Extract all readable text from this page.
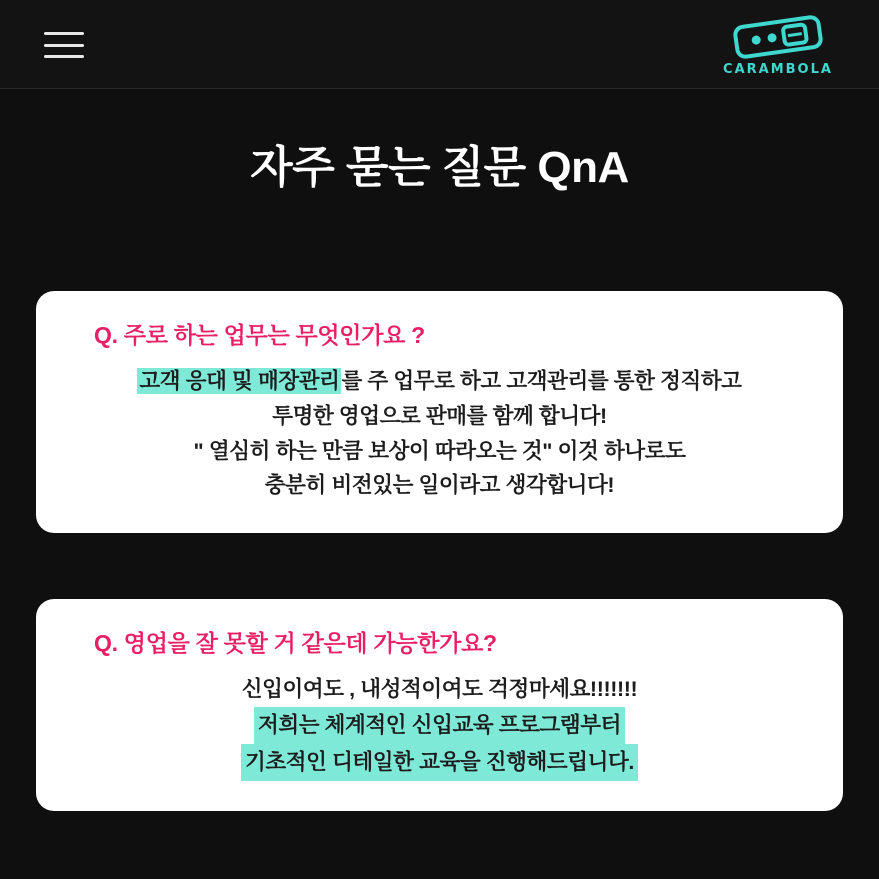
CARAMBOLA
자주 묻는 질문 QnA
Q. 주로 하는 업무는 무엇인가요 ?
고객 응대 및 매장관리를 주 업무로 하고 고객관리를 통한 정직하고
투명한 영업으로 판매를 함께 합니다!
" 열심히 하는 만큼 보상이 따라오는 것" 이것 하나로도
충분히 비전있는 일이라고 생각합니다!
Q. 영업을 잘 못할 거 같은데 가능한가요?
신입이여도 , 내성적이여도 걱정마세요!!!!!!!
저희는 체계적인 신입교육 프로그램부터
기초적인 디테일한 교육을 진행해드립니다.
